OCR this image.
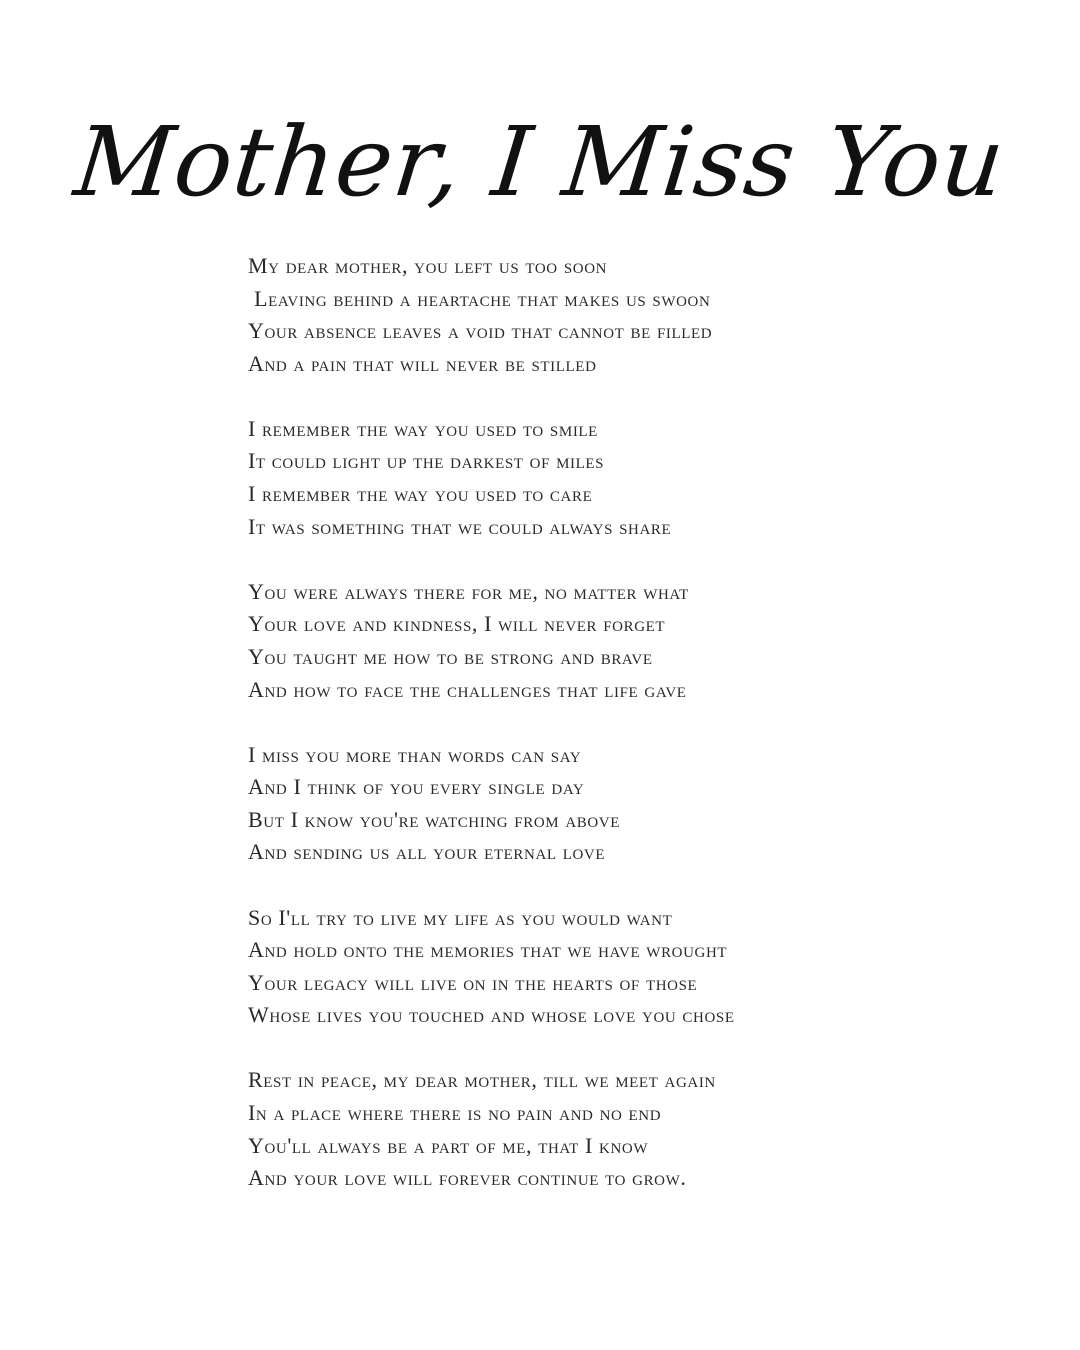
Mother, I Miss You
My dear mother, you left us too soon
Leaving behind a heartache that makes us swoon
Your absence leaves a void that cannot be filled
And a pain that will never be stilled
I remember the way you used to smile
It could light up the darkest of miles
I remember the way you used to care
It was something that we could always share
You were always there for me, no matter what
Your love and kindness, I will never forget
You taught me how to be strong and brave
And how to face the challenges that life gave
I miss you more than words can say
And I think of you every single day
But I know you're watching from above
And sending us all your eternal love
So I'll try to live my life as you would want
And hold onto the memories that we have wrought
Your legacy will live on in the hearts of those
Whose lives you touched and whose love you chose
Rest in peace, my dear mother, till we meet again
In a place where there is no pain and no end
You'll always be a part of me, that I know
And your love will forever continue to grow.
